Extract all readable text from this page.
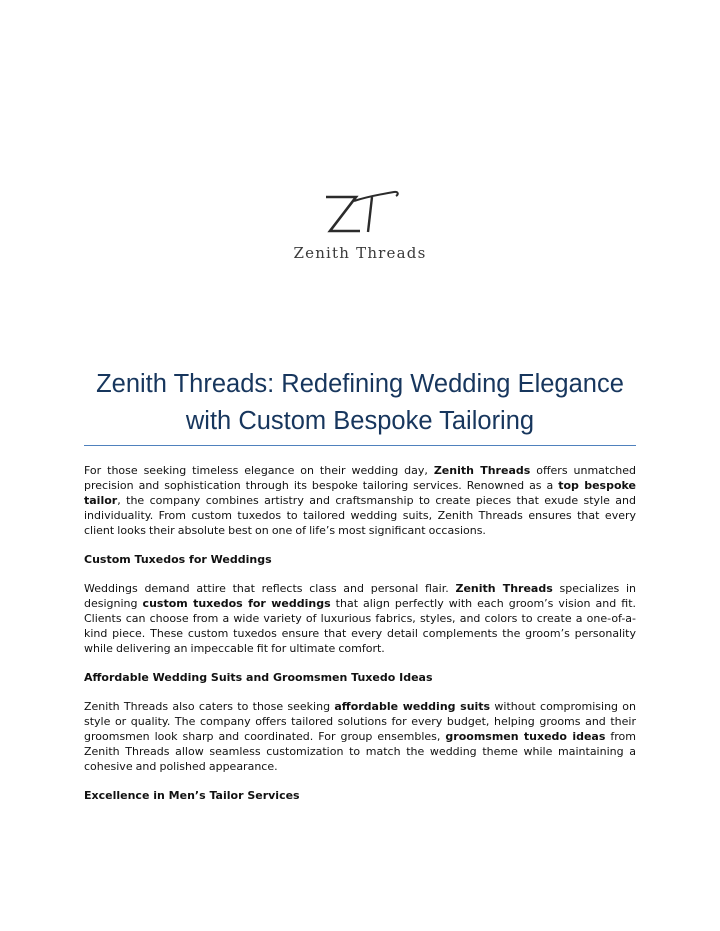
Zenith Threads
Zenith Threads: Redefining Wedding Elegance with Custom Bespoke Tailoring

For those seeking timeless elegance on their wedding day, Zenith Threads offers unmatched precision and sophistication through its bespoke tailoring services. Renowned as a top bespoke tailor, the company combines artistry and craftsmanship to create pieces that exude style and individuality. From custom tuxedos to tailored wedding suits, Zenith Threads ensures that every client looks their absolute best on one of life’s most significant occasions.

Custom Tuxedos for Weddings

Weddings demand attire that reflects class and personal flair. Zenith Threads specializes in designing custom tuxedos for weddings that align perfectly with each groom’s vision and fit. Clients can choose from a wide variety of luxurious fabrics, styles, and colors to create a one-of-a-kind piece. These custom tuxedos ensure that every detail complements the groom’s personality while delivering an impeccable fit for ultimate comfort.

Affordable Wedding Suits and Groomsmen Tuxedo Ideas

Zenith Threads also caters to those seeking affordable wedding suits without compromising on style or quality. The company offers tailored solutions for every budget, helping grooms and their groomsmen look sharp and coordinated. For group ensembles, groomsmen tuxedo ideas from Zenith Threads allow seamless customization to match the wedding theme while maintaining a cohesive and polished appearance.

Excellence in Men’s Tailor Services
